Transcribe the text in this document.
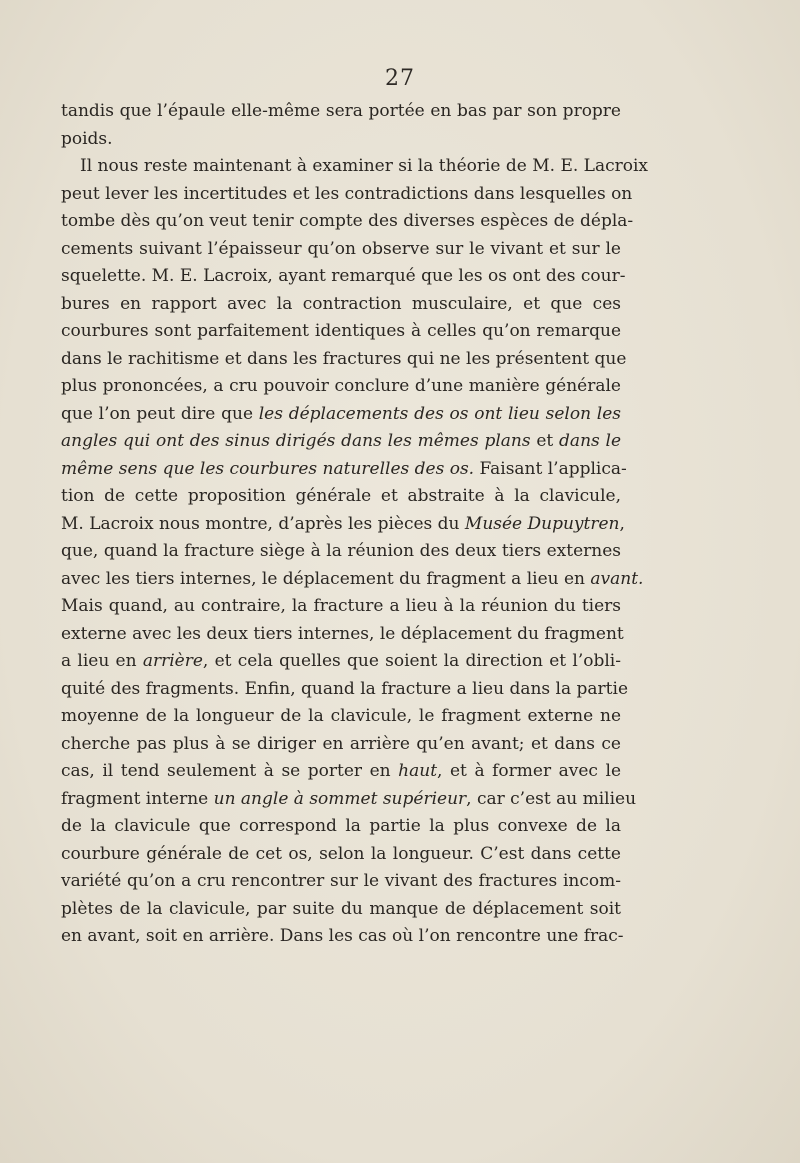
27
tandis que l’épaule elle-même sera portée en bas par son propre
poids.
Il nous reste maintenant à examiner si la théorie de M. E. Lacroix
peut lever les incertitudes et les contradictions dans lesquelles on
tombe dès qu’on veut tenir compte des diverses espèces de dépla-
cements suivant l’épaisseur qu’on observe sur le vivant et sur le
squelette. M. E. Lacroix, ayant remarqué que les os ont des cour-
bures en rapport avec la contraction musculaire, et que ces
courbures sont parfaitement identiques à celles qu’on remarque
dans le rachitisme et dans les fractures qui ne les présentent que
plus prononcées, a cru pouvoir conclure d’une manière générale
que l’on peut dire que les déplacements des os ont lieu selon les
angles qui ont des sinus dirigés dans les mêmes plans et dans le
même sens que les courbures naturelles des os. Faisant l’applica-
tion de cette proposition générale et abstraite à la clavicule,
M. Lacroix nous montre, d’après les pièces du Musée Dupuytren,
que, quand la fracture siège à la réunion des deux tiers externes
avec les tiers internes, le déplacement du fragment a lieu en avant.
Mais quand, au contraire, la fracture a lieu à la réunion du tiers
externe avec les deux tiers internes, le déplacement du fragment
a lieu en arrière, et cela quelles que soient la direction et l’obli-
quité des fragments. Enfin, quand la fracture a lieu dans la partie
moyenne de la longueur de la clavicule, le fragment externe ne
cherche pas plus à se diriger en arrière qu’en avant; et dans ce
cas, il tend seulement à se porter en haut, et à former avec le
fragment interne un angle à sommet supérieur, car c’est au milieu
de la clavicule que correspond la partie la plus convexe de la
courbure générale de cet os, selon la longueur. C’est dans cette
variété qu’on a cru rencontrer sur le vivant des fractures incom-
plètes de la clavicule, par suite du manque de déplacement soit
en avant, soit en arrière. Dans les cas où l’on rencontre une frac-
